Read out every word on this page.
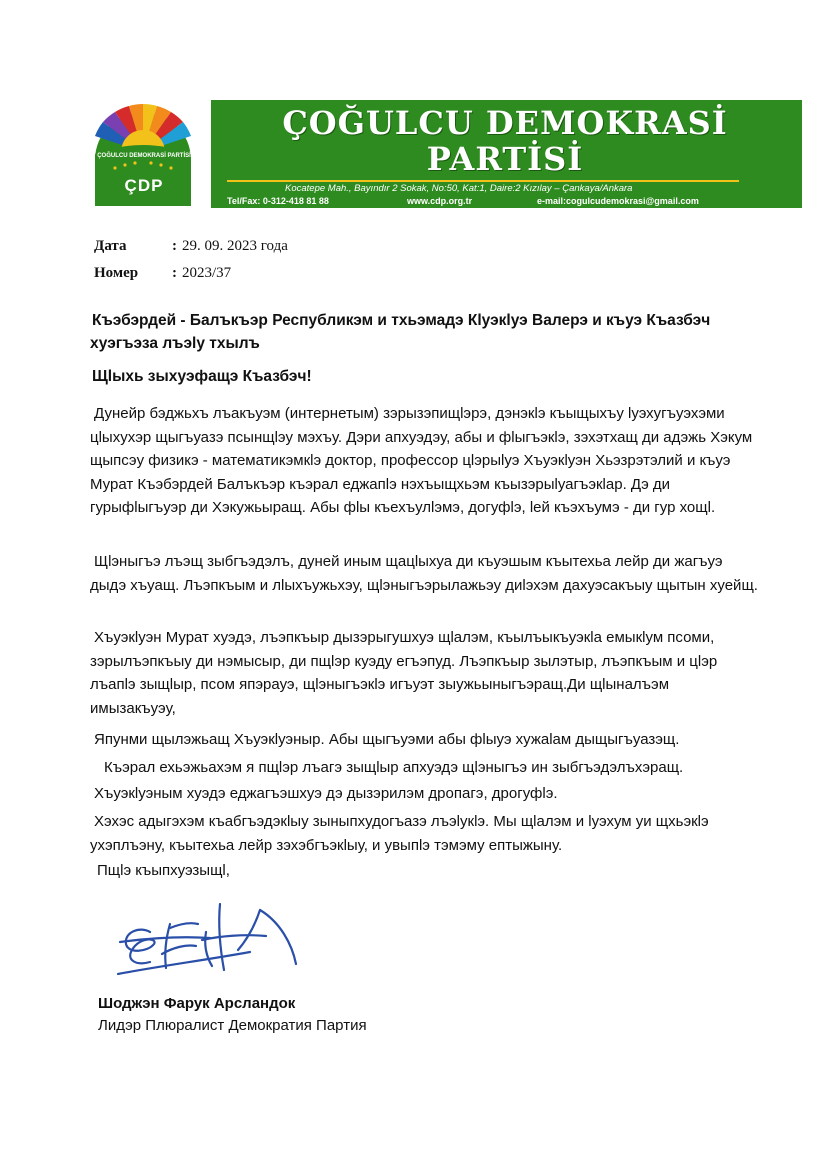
ÇOĞULCU DEMOKRASİ PARTİSİ
ÇDP
ÇOĞULCU DEMOKRASİ
PARTİSİ
Kocatepe Mah., Bayındır 2 Sokak, No:50, Kat:1, Daire:2 Kızılay – Çankaya/Ankara
Tel/Fax: 0-312-418 81 88	www.cdp.org.tr	e-mail:cogulcudemokrasi@gmail.com
Дата	: 29. 09. 2023 года
Номер : 2023/37
Къэбэрдей - Балъкъэр Республикэм и тхьэмадэ Кlуэкlуэ Валерэ и къуэ Къазбэч хуэгъэза лъэlу тхылъ
Щlыхь зыхуэфащэ Къазбэч!

Дунейр бэджьхъ лъакъуэм (интернетым) зэрызэпищlэрэ, дэнэкlэ къыщыхъу lуэхугъуэхэми цlыхухэр щыгъуазэ псынщlэу мэхъу. Дэри апхуэдэу, абы и фlыгъэкlэ, зэхэтхащ ди адэжь Хэкум щыпсэу физикэ - математикэмкlэ доктор, профессор цlэрыlуэ Хъуэкlуэн Хьэзрэтэлий и къуэ Мурат Къэбэрдей Балъкъэр къэрал еджапlэ нэхъыщхьэм къызэрыlуагъэкlар. Дэ ди гурыфlыгъуэр ди Хэкужьыращ. Абы фlы къехъулlэмэ, догуфlэ, lей къэхъумэ - ди гур хощl.

Щlэныгъэ лъэщ зыбгъэдэлъ, дуней иным щацlыхуа ди къуэшым къытехьа лейр ди жагъуэ дыдэ хъуащ. Лъэпкъым и лlыхъужьхэу, щlэныгъэрылажьэу диlэхэм дахуэсакъыу щытын хуейщ.

Хъуэкlуэн Мурат хуэдэ, лъэпкъыр дызэрыгушхуэ щlалэм, къылъыкъуэкlа емыкlум псоми, зэрылъэпкъыу ди нэмысыр, ди пщlэр куэду егъэпуд. Лъэпкъыр зылэтыр, лъэпкъым и цlэр лъапlэ зыщlыр, псом япэрауэ, щlэныгъэкlэ игъуэт зыужьыныгъэращ.Ди щlыналъэм имызакъуэу,

Япунми щылэжьащ Хъуэкlуэныр. Абы щыгъуэми абы фlыуэ хужаlам дыщыгъуазэщ.

Къэрал ехьэжьахэм я пщlэр лъагэ зыщlыр апхуэдэ щlэныгъэ ин зыбгъэдэлъхэращ.

Хъуэкlуэным хуэдэ еджагъэшхуэ дэ дызэрилэм дропагэ, дрогуфlэ.

Хэхэс адыгэхэм къабгъэдэкlыу зыныпхудогъазэ лъэlукlэ. Мы щlалэм и lуэхум уи щхьэкlэ ухэплъэну, къытехьа лейр зэхэбгъэкlыу, и увыпlэ тэмэму ептыжыну.

Пщlэ къыпхуэзыщl,
Шоджэн Фарук Арсландок
Лидэр Плюралист Демократия Партия
